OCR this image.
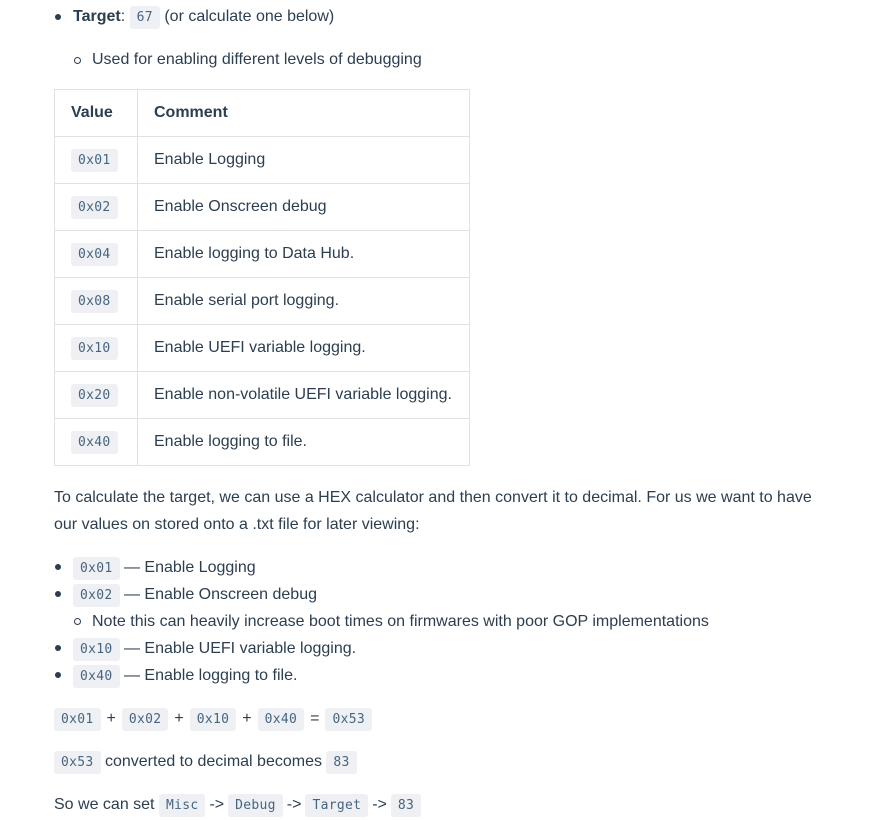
Target: 67 (or calculate one below)
Used for enabling different levels of debugging
Value	Comment
0x01	Enable Logging
0x02	Enable Onscreen debug
0x04	Enable logging to Data Hub.
0x08	Enable serial port logging.
0x10	Enable UEFI variable logging.
0x20	Enable non-volatile UEFI variable logging.
0x40	Enable logging to file.

To calculate the target, we can use a HEX calculator and then convert it to decimal. For us we want to have our values on stored onto a .txt file for later viewing:

0x01 — Enable Logging
0x02 — Enable Onscreen debug
Note this can heavily increase boot times on firmwares with poor GOP implementations
0x10 — Enable UEFI variable logging.
0x40 — Enable logging to file.
0x01 + 0x02 + 0x10 + 0x40 = 0x53
0x53 converted to decimal becomes 83
So we can set Misc -> Debug -> Target -> 83
